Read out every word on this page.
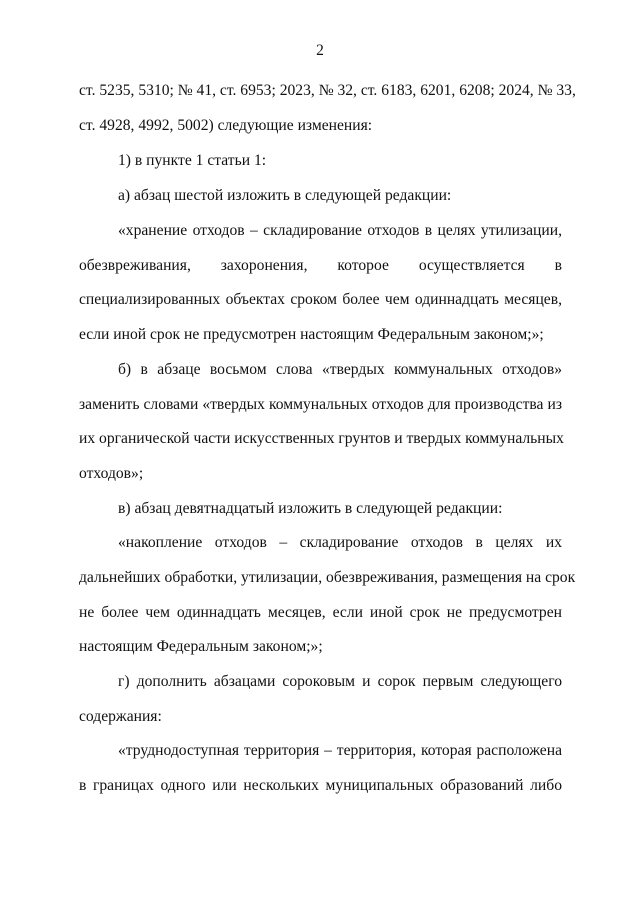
2
ст. 5235, 5310; № 41, ст. 6953; 2023, № 32, ст. 6183, 6201, 6208; 2024, № 33,
ст. 4928, 4992, 5002) следующие изменения:
1) в пункте 1 статьи 1:
а) абзац шестой изложить в следующей редакции:
«хранение отходов – складирование отходов в целях утилизации,
обезвреживания, захоронения, которое осуществляется в
специализированных объектах сроком более чем одиннадцать месяцев,
если иной срок не предусмотрен настоящим Федеральным законом;»;
б) в абзаце восьмом слова «твердых коммунальных отходов»
заменить словами «твердых коммунальных отходов для производства из
их органической части искусственных грунтов и твердых коммунальных
отходов»;
в) абзац девятнадцатый изложить в следующей редакции:
«накопление отходов – складирование отходов в целях их
дальнейших обработки, утилизации, обезвреживания, размещения на срок
не более чем одиннадцать месяцев, если иной срок не предусмотрен
настоящим Федеральным законом;»;
г) дополнить абзацами сороковым и сорок первым следующего
содержания:
«труднодоступная территория – территория, которая расположена
в границах одного или нескольких муниципальных образований либо
